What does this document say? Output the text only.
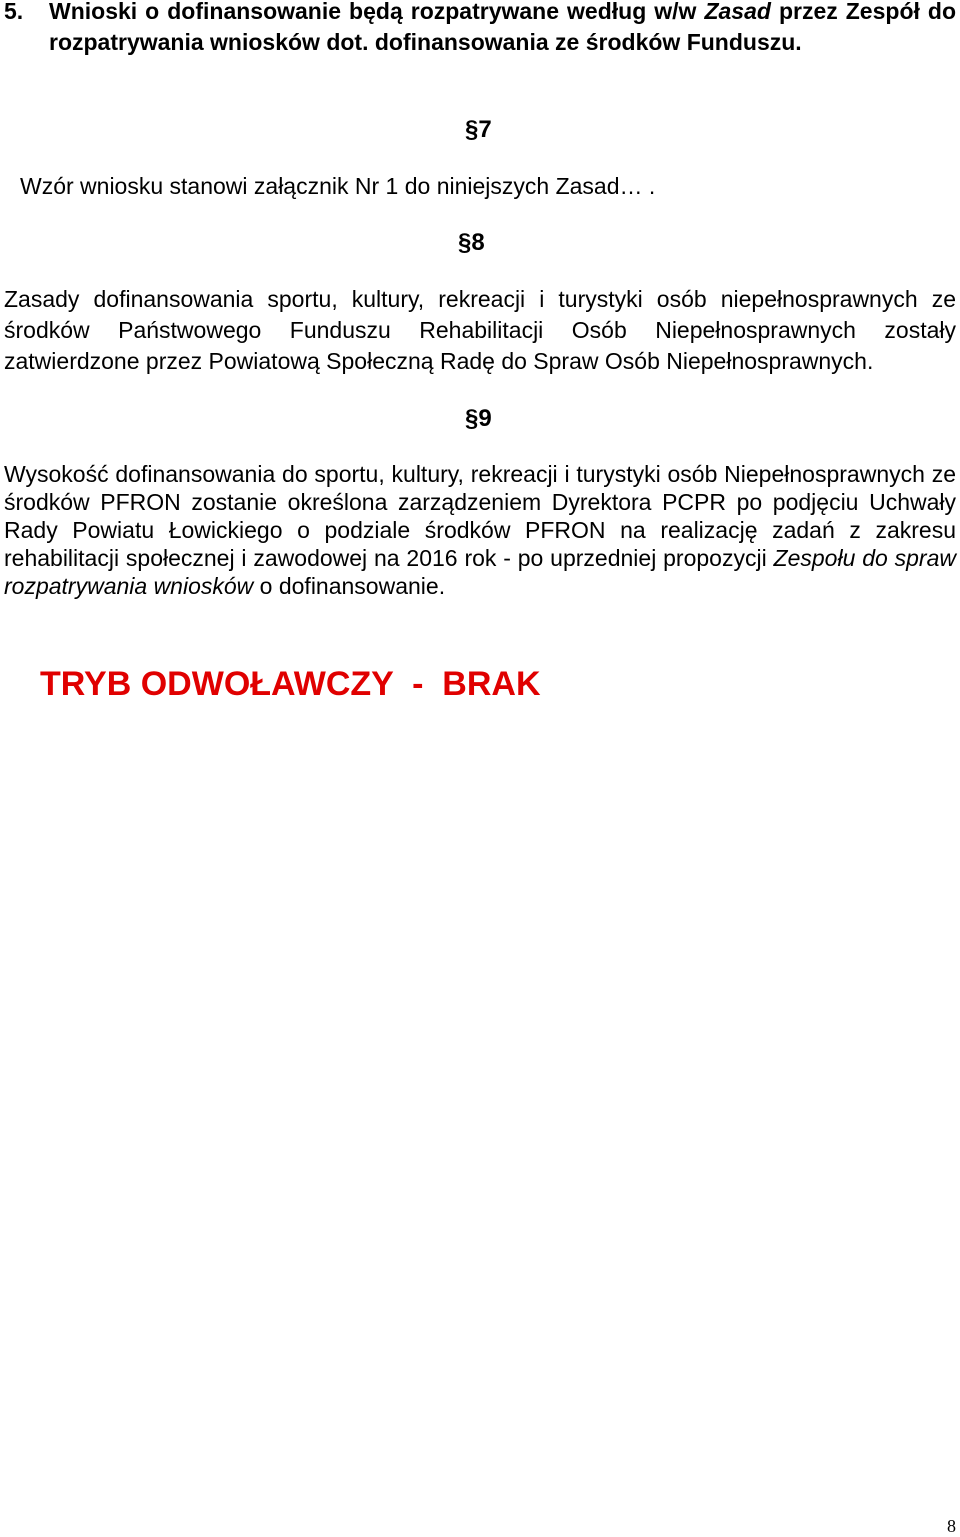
5. Wnioski o dofinansowanie będą rozpatrywane według w/w Zasad przez Zespół do rozpatrywania wniosków dot. dofinansowania ze środków Funduszu.
§7
Wzór wniosku stanowi załącznik Nr 1 do niniejszych Zasad… .
§8
Zasady dofinansowania sportu, kultury, rekreacji i turystyki osób niepełnosprawnych ze środków Państwowego Funduszu Rehabilitacji Osób Niepełnosprawnych zostały zatwierdzone przez Powiatową Społeczną Radę do Spraw Osób Niepełnosprawnych.
§9
Wysokość dofinansowania do sportu, kultury, rekreacji i turystyki osób Niepełnosprawnych ze środków PFRON zostanie określona zarządzeniem Dyrektora PCPR po podjęciu Uchwały Rady Powiatu Łowickiego o podziale środków PFRON na realizację zadań z zakresu rehabilitacji społecznej i zawodowej na 2016 rok - po uprzedniej propozycji Zespołu do spraw rozpatrywania wniosków o dofinansowanie.
TRYB ODWOŁAWCZY  -  BRAK
8
